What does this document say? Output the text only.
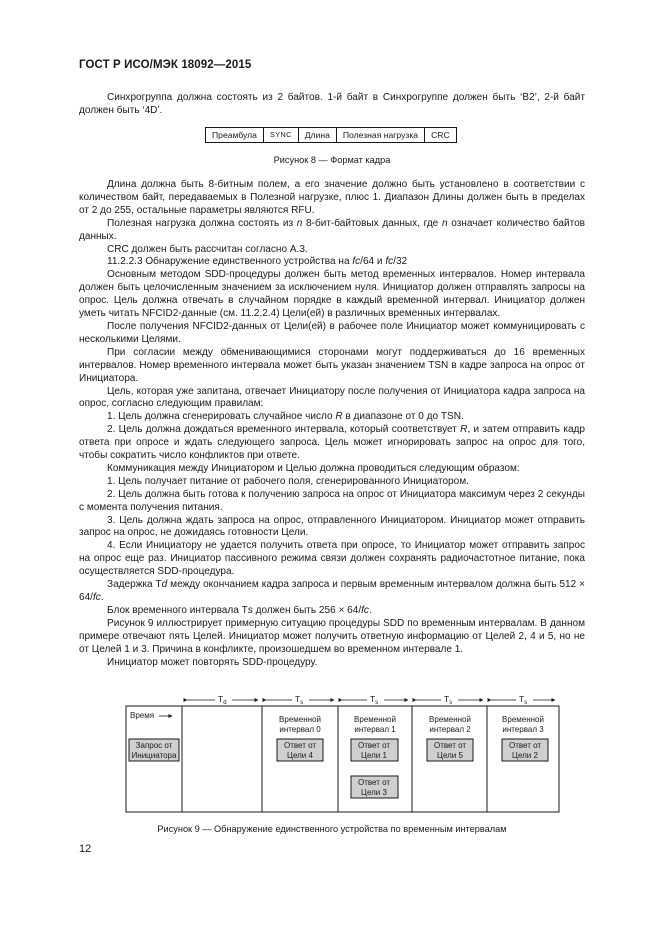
ГОСТ Р ИСО/МЭК 18092—2015

Синхрогруппа должна состоять из 2 байтов. 1-й байт в Синхрогруппе должен быть ‘B2’, 2-й байт должен быть ‘4D’.

Преамбула	SYNC	Длина	Полезная нагрузка	CRC
Рисунок 8 — Формат кадра

Длина должна быть 8-битным полем, а его значение должно быть установлено в соответствии с количеством байт, передаваемых в Полезной нагрузке, плюс 1. Диапазон Длины должен быть в пределах от 2 до 255, остальные параметры являются RFU.

Полезная нагрузка должна состоять из n 8-бит-байтовых данных, где n означает количество байтов данных.

CRC должен быть рассчитан согласно А.3.

11.2.2.3 Обнаружение единственного устройства на fc/64 и fc/32

Основным методом SDD-процедуры должен быть метод временных интервалов. Номер интервала должен быть целочисленным значением за исключением нуля. Инициатор должен отправлять запросы на опрос. Цель должна отвечать в случайном порядке в каждый временной интервал. Инициатор должен уметь читать NFCID2-данные (см. 11.2.2.4) Цели(ей) в различных временных интервалах.

После получения NFCID2-данных от Цели(ей) в рабочее поле Инициатор может коммуницировать с несколькими Целями.

При согласии между обменивающимися сторонами могут поддерживаться до 16 временных интервалов. Номер временного интервала может быть указан значением TSN в кадре запроса на опрос от Инициатора.

Цель, которая уже запитана, отвечает Инициатору после получения от Инициатора кадра запроса на опрос, согласно следующим правилам:

1. Цель должна сгенерировать случайное число R в диапазоне от 0 до TSN.

2. Цель должна дождаться временного интервала, который соответствует R, и затем отправить кадр ответа при опросе и ждать следующего запроса. Цель может игнорировать запрос на опрос для того, чтобы сократить число конфликтов при ответе.

Коммуникация между Инициатором и Целью должна проводиться следующим образом:

1. Цель получает питание от рабочего поля, сгенерированного Инициатором.

2. Цель должна быть готова к получению запроса на опрос от Инициатора максимум через 2 секунды с момента получения питания.

3. Цель должна ждать запроса на опрос, отправленного Инициатором. Инициатор может отправить запрос на опрос, не дожидаясь готовности Цели.

4. Если Инициатору не удается получить ответа при опросе, то Инициатор может отправить запрос на опрос еще раз. Инициатор пассивного режима связи должен сохранять радиочастотное питание, пока осуществляется SDD-процедура.

Задержка Td между окончанием кадра запроса и первым временным интервалом должна быть 512 × 64/fc.

Блок временного интервала Ts должен быть 256 × 64/fc.

Рисунок 9 иллюстрирует примерную ситуацию процедуры SDD по временным интервалам. В данном примере отвечают пять Целей. Инициатор может получить ответную информацию от Целей 2, 4 и 5, но не от Целей 1 и 3. Причина в конфликте, произошедшем во временном интервале 1.

Инициатор может повторять SDD-процедуру.

$T_d$	$T_s$	$T_s$	$T_s$	$T_s$
Время	Временной
интервал 0
Временной
интервал 1
Временной
интервал 2
Временной
интервал 3
Запрос от
Инициатора
Ответ от
Цели 4
Ответ от
Цели 1
Ответ от
Цели 5
Ответ от
Цели 2
Ответ от
Цели 3
Рисунок 9 — Обнаружение единственного устройства по временным интервалам
12
